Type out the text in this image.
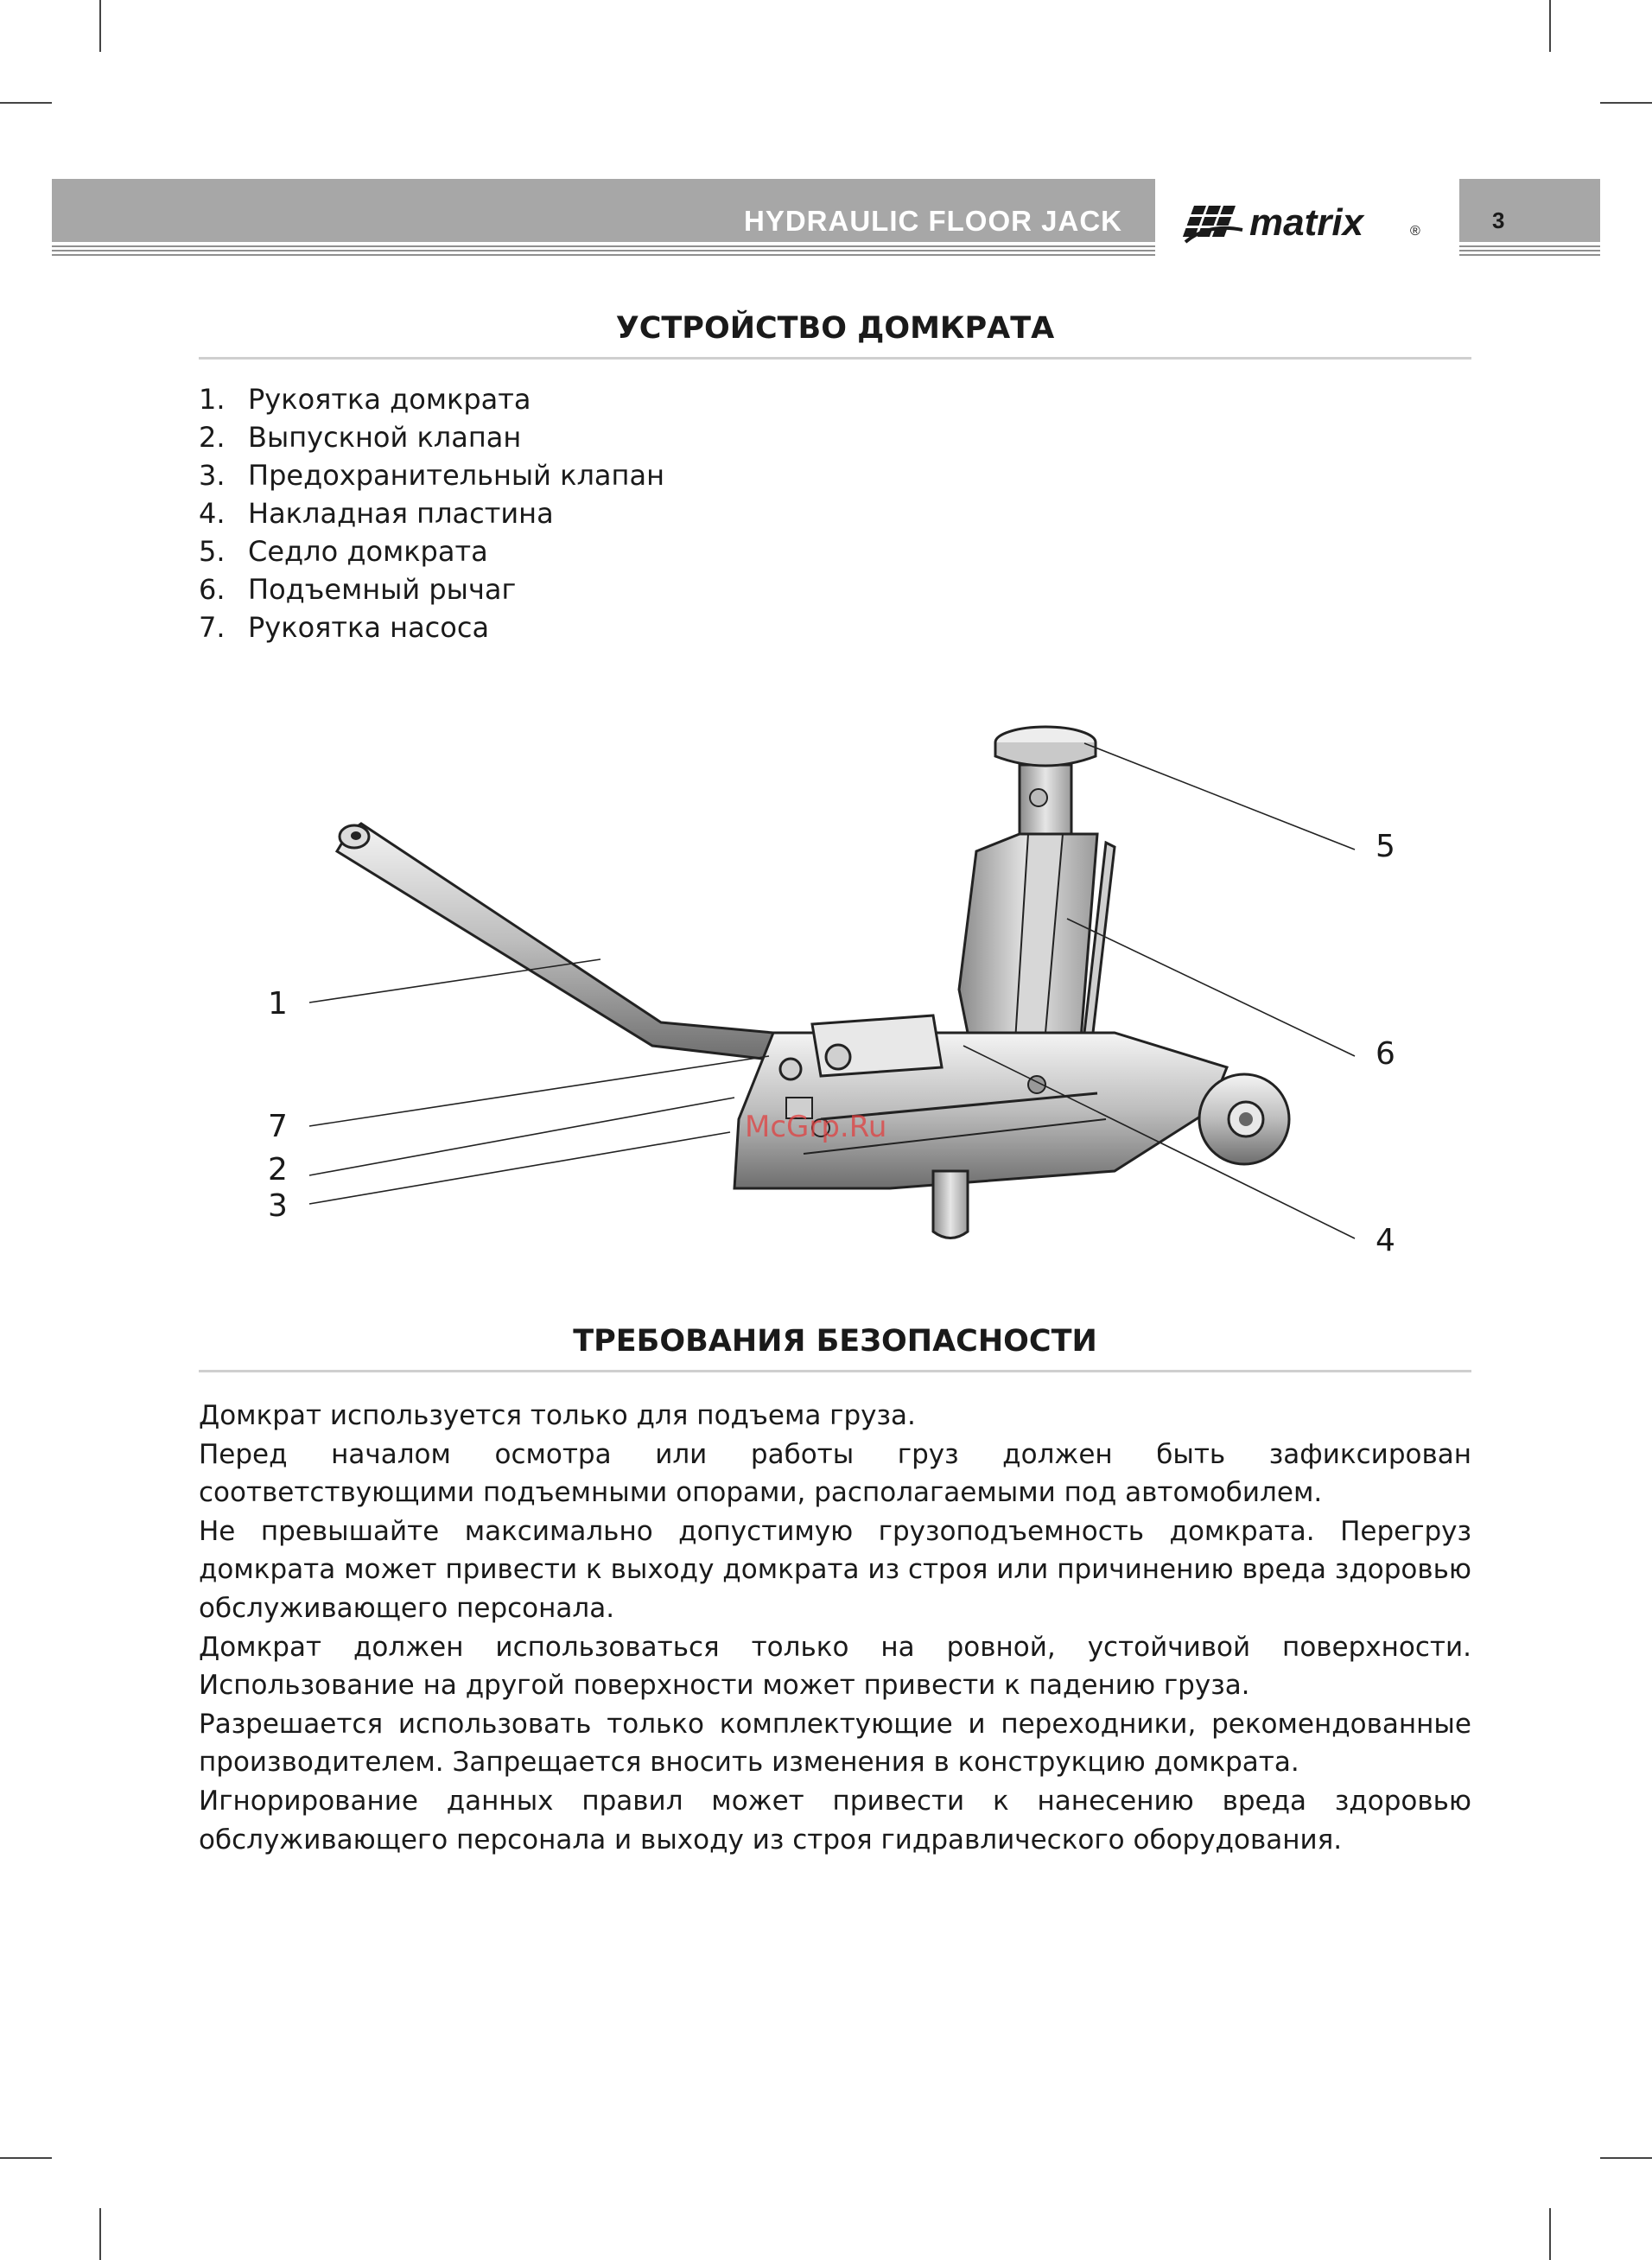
HYDRAULIC FLOOR JACK	matrix	®	3
УСТРОЙСТВО ДОМКРАТА
1. Рукоятка домкрата
2. Выпускной клапан
3. Предохранительный клапан
4. Накладная пластина
5. Седло домкрата
6. Подъемный рычаг
7. Рукоятка насоса
McGrp.Ru
1
7
2
3
5
6
4
ТРЕБОВАНИЯ БЕЗОПАСНОСТИ

Домкрат используется только для подъема груза.

Перед началом осмотра или работы груз должен быть зафиксирован соответствующими подъемными опорами, располагаемыми под автомобилем.

Не превышайте максимально допустимую грузоподъемность домкрата. Перегруз домкрата может привести к выходу домкрата из строя или причинению вреда здоровью обслуживающего персонала.

Домкрат должен использоваться только на ровной, устойчивой поверхности. Использование на другой поверхности может привести к падению груза.

Разрешается использовать только комплектующие и переходники, рекомендованные производителем. Запрещается вносить изменения в конструкцию домкрата.

Игнорирование данных правил может привести к нанесению вреда здоровью обслуживающего персонала и выходу из строя гидравлического оборудования.
